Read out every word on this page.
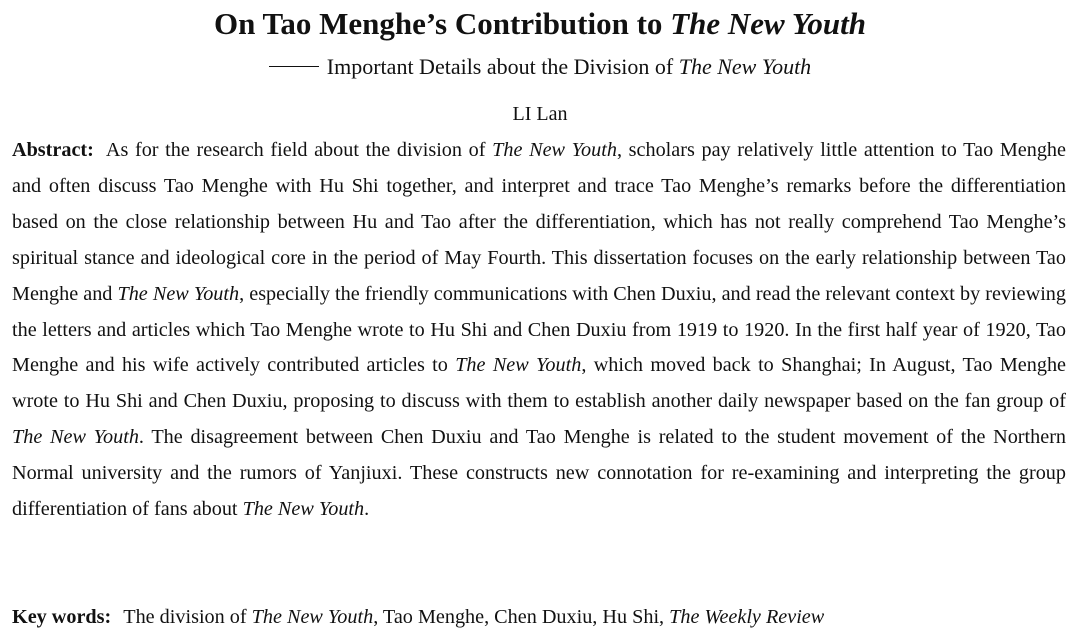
On Tao Menghe’s Contribution to The New Youth
Important Details about the Division of The New Youth
LI Lan

Abstract: As for the research field about the division of The New Youth, scholars pay relatively little attention to Tao Menghe and often discuss Tao Menghe with Hu Shi together, and interpret and trace Tao Menghe’s remarks before the differentiation based on the close relationship between Hu and Tao after the differentiation, which has not really comprehend Tao Menghe’s spiritual stance and ideological core in the period of May Fourth. This dissertation focuses on the early relationship between Tao Menghe and The New Youth, especially the friendly communications with Chen Duxiu, and read the relevant context by reviewing the letters and articles which Tao Menghe wrote to Hu Shi and Chen Duxiu from 1919 to 1920. In the first half year of 1920, Tao Menghe and his wife actively contributed articles to The New Youth, which moved back to Shanghai; In August, Tao Menghe wrote to Hu Shi and Chen Duxiu, proposing to discuss with them to establish another daily newspaper based on the fan group of The New Youth. The disagreement between Chen Duxiu and Tao Menghe is related to the student movement of the Northern Normal university and the rumors of Yanjiuxi. These constructs new connotation for re-examining and interpreting the group differentiation of fans about The New Youth.

Key words: The division of The New Youth, Tao Menghe, Chen Duxiu, Hu Shi, The Weekly Review
